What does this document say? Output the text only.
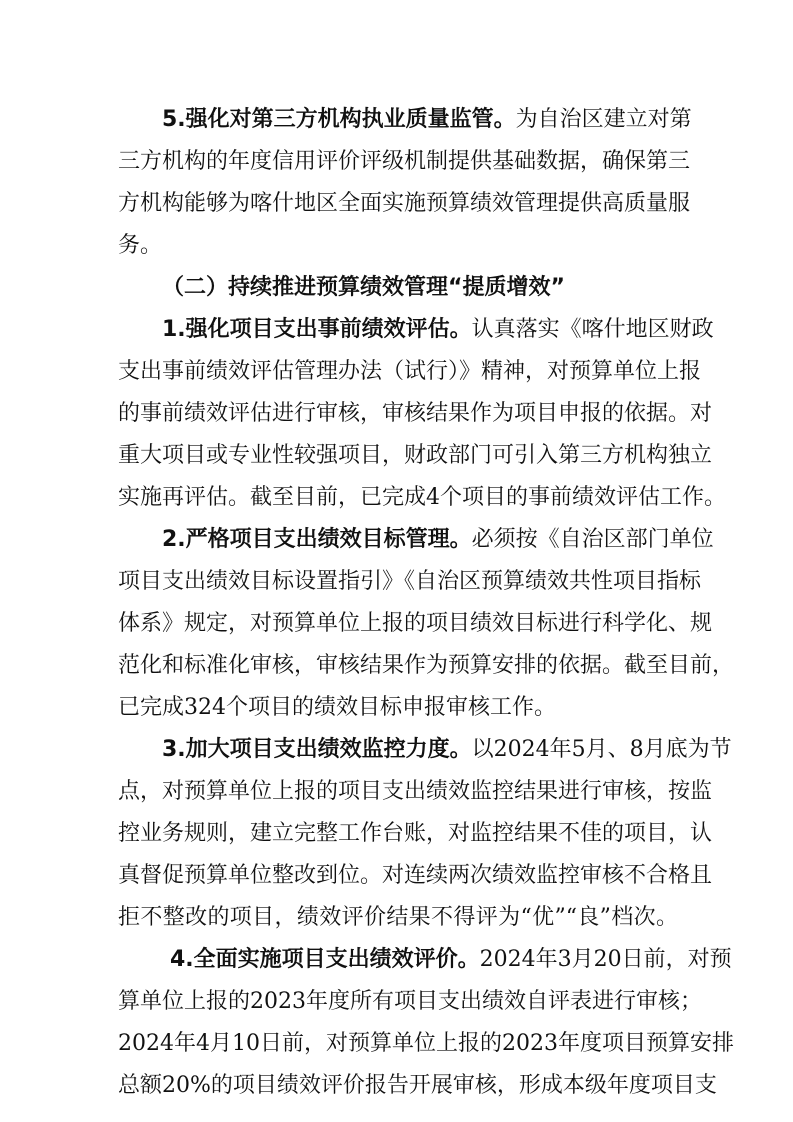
5.强化对第三方机构执业质量监管。为自治区建立对第
三方机构的年度信用评价评级机制提供基础数据，确保第三
方机构能够为喀什地区全面实施预算绩效管理提供高质量服
务。
（二）持续推进预算绩效管理“提质增效”
1.强化项目支出事前绩效评估。认真落实《喀什地区财政
支出事前绩效评估管理办法（试行）》精神，对预算单位上报
的事前绩效评估进行审核，审核结果作为项目申报的依据。对
重大项目或专业性较强项目，财政部门可引入第三方机构独立
实施再评估。截至目前，已完成4个项目的事前绩效评估工作。
2.严格项目支出绩效目标管理。必须按《自治区部门单位
项目支出绩效目标设置指引》《自治区预算绩效共性项目指标
体系》规定，对预算单位上报的项目绩效目标进行科学化、规
范化和标准化审核，审核结果作为预算安排的依据。截至目前，
已完成324个项目的绩效目标申报审核工作。
3.加大项目支出绩效监控力度。以2024年5月、8月底为节
点，对预算单位上报的项目支出绩效监控结果进行审核，按监
控业务规则，建立完整工作台账，对监控结果不佳的项目，认
真督促预算单位整改到位。对连续两次绩效监控审核不合格且
拒不整改的项目，绩效评价结果不得评为“优”“良”档次。
4.全面实施项目支出绩效评价。2024年3月20日前，对预
算单位上报的2023年度所有项目支出绩效自评表进行审核；
2024年4月10日前，对预算单位上报的2023年度项目预算安排
总额20%的项目绩效评价报告开展审核，形成本级年度项目支
